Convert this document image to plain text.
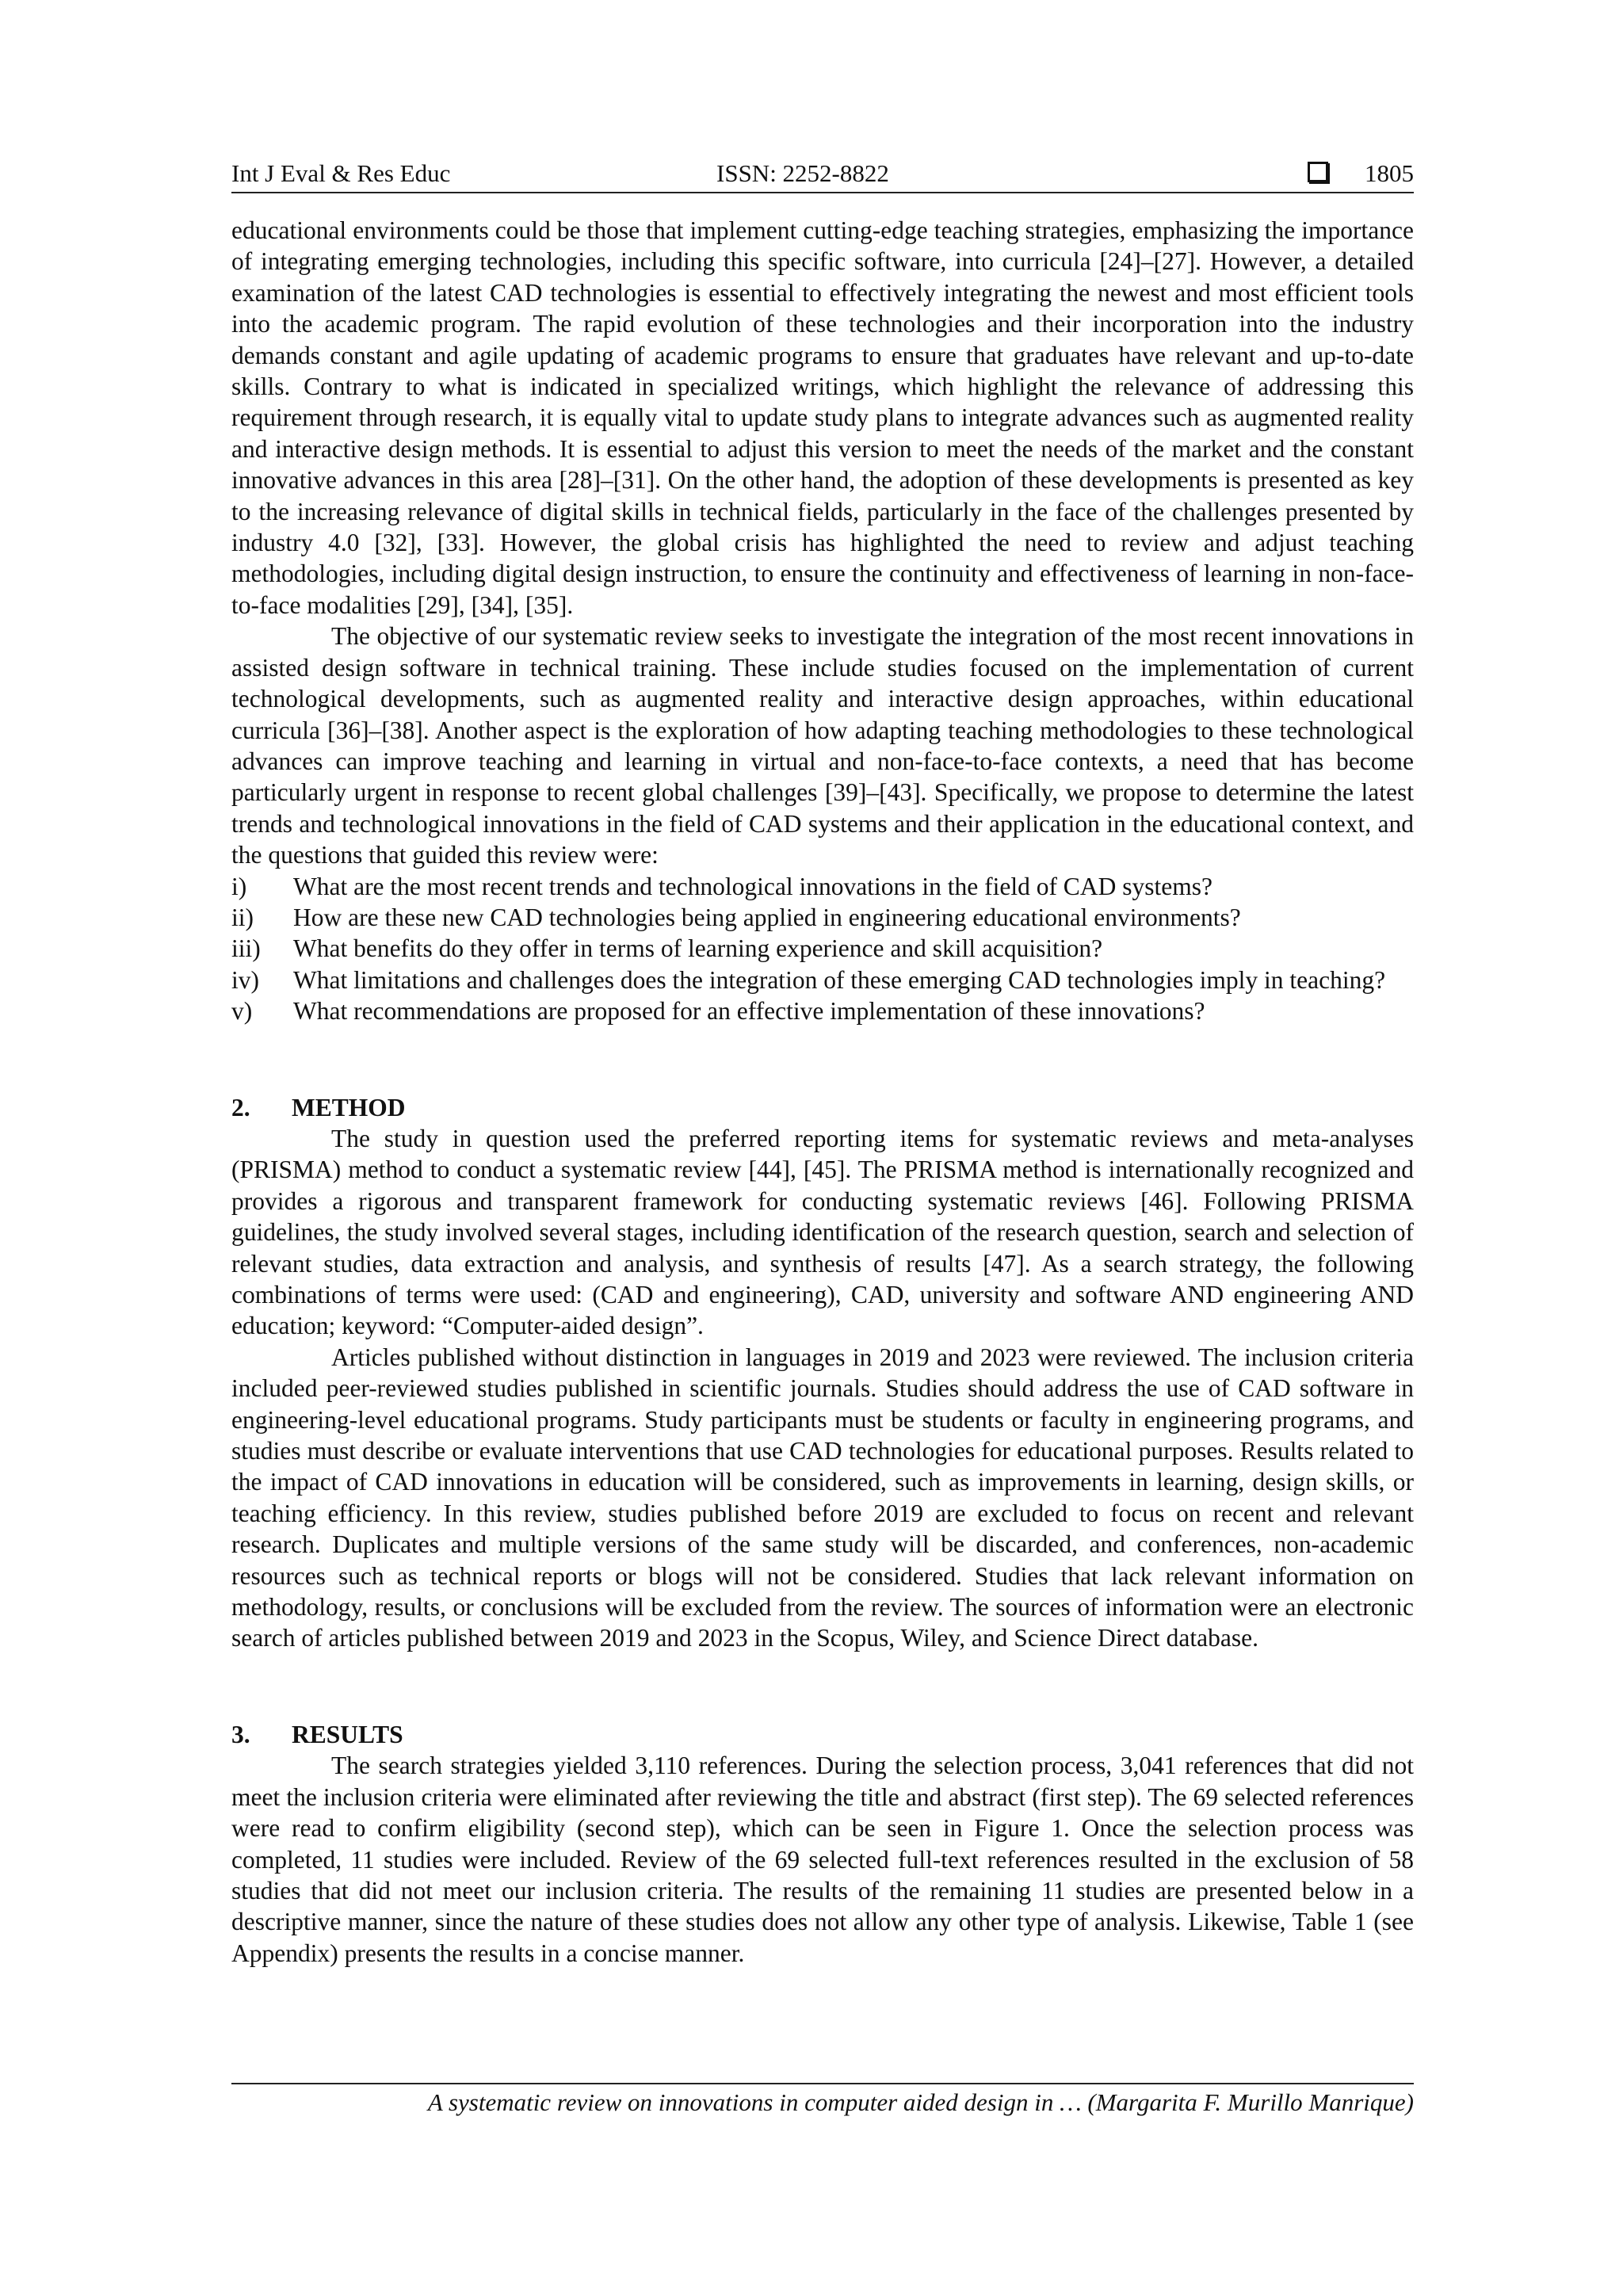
Int J Eval & Res Educ	ISSN: 2252-8822	1805

educational environments could be those that implement cutting-edge teaching strategies, emphasizing the importance of integrating emerging technologies, including this specific software, into curricula [24]–[27]. However, a detailed examination of the latest CAD technologies is essential to effectively integrating the newest and most efficient tools into the academic program. The rapid evolution of these technologies and their incorporation into the industry demands constant and agile updating of academic programs to ensure that graduates have relevant and up-to-date skills. Contrary to what is indicated in specialized writings, which highlight the relevance of addressing this requirement through research, it is equally vital to update study plans to integrate advances such as augmented reality and interactive design methods. It is essential to adjust this version to meet the needs of the market and the constant innovative advances in this area [28]–[31]. On the other hand, the adoption of these developments is presented as key to the increasing relevance of digital skills in technical fields, particularly in the face of the challenges presented by industry 4.0 [32], [33]. However, the global crisis has highlighted the need to review and adjust teaching methodologies, including digital design instruction, to ensure the continuity and effectiveness of learning in non-face-to-face modalities [29], [34], [35].

The objective of our systematic review seeks to investigate the integration of the most recent innovations in assisted design software in technical training. These include studies focused on the implementation of current technological developments, such as augmented reality and interactive design approaches, within educational curricula [36]–[38]. Another aspect is the exploration of how adapting teaching methodologies to these technological advances can improve teaching and learning in virtual and non-face-to-face contexts, a need that has become particularly urgent in response to recent global challenges [39]–[43]. Specifically, we propose to determine the latest trends and technological innovations in the field of CAD systems and their application in the educational context, and the questions that guided this review were:

i) What are the most recent trends and technological innovations in the field of CAD systems?
ii) How are these new CAD technologies being applied in engineering educational environments?
iii) What benefits do they offer in terms of learning experience and skill acquisition?
iv) What limitations and challenges does the integration of these emerging CAD technologies imply in teaching?
v) What recommendations are proposed for an effective implementation of these innovations?
2. METHOD

The study in question used the preferred reporting items for systematic reviews and meta-analyses (PRISMA) method to conduct a systematic review [44], [45]. The PRISMA method is internationally recognized and provides a rigorous and transparent framework for conducting systematic reviews [46]. Following PRISMA guidelines, the study involved several stages, including identification of the research question, search and selection of relevant studies, data extraction and analysis, and synthesis of results [47]. As a search strategy, the following combinations of terms were used: (CAD and engineering), CAD, university and software AND engineering AND education; keyword: “Computer-aided design”.

Articles published without distinction in languages in 2019 and 2023 were reviewed. The inclusion criteria included peer-reviewed studies published in scientific journals. Studies should address the use of CAD software in engineering-level educational programs. Study participants must be students or faculty in engineering programs, and studies must describe or evaluate interventions that use CAD technologies for educational purposes. Results related to the impact of CAD innovations in education will be considered, such as improvements in learning, design skills, or teaching efficiency. In this review, studies published before 2019 are excluded to focus on recent and relevant research. Duplicates and multiple versions of the same study will be discarded, and conferences, non-academic resources such as technical reports or blogs will not be considered. Studies that lack relevant information on methodology, results, or conclusions will be excluded from the review. The sources of information were an electronic search of articles published between 2019 and 2023 in the Scopus, Wiley, and Science Direct database.

3. RESULTS

The search strategies yielded 3,110 references. During the selection process, 3,041 references that did not meet the inclusion criteria were eliminated after reviewing the title and abstract (first step). The 69 selected references were read to confirm eligibility (second step), which can be seen in Figure 1. Once the selection process was completed, 11 studies were included. Review of the 69 selected full-text references resulted in the exclusion of 58 studies that did not meet our inclusion criteria. The results of the remaining 11 studies are presented below in a descriptive manner, since the nature of these studies does not allow any other type of analysis. Likewise, Table 1 (see Appendix) presents the results in a concise manner.

A systematic review on innovations in computer aided design in … (Margarita F. Murillo Manrique)
